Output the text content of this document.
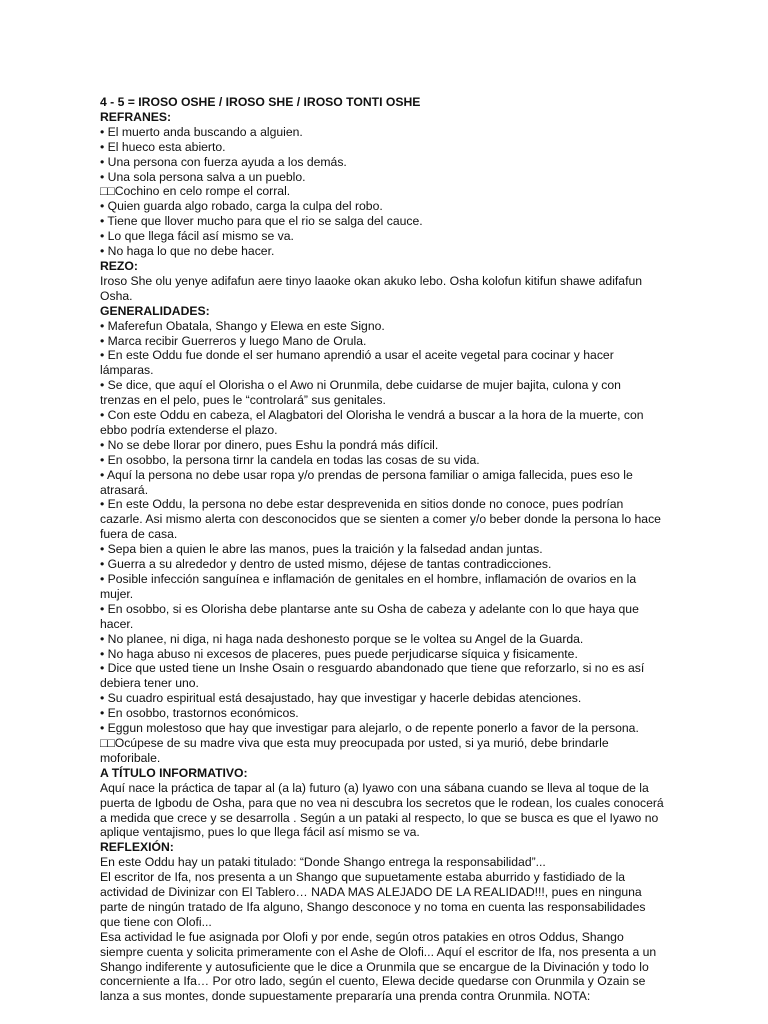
4 - 5 = IROSO OSHE / IROSO SHE / IROSO TONTI OSHE
REFRANES:
• El muerto anda buscando a alguien.
• El hueco esta abierto.
• Una persona con fuerza ayuda a los demás.
• Una sola persona salva a un pueblo.
□□Cochino en celo rompe el corral.
• Quien guarda algo robado, carga la culpa del robo.
• Tiene que llover mucho para que el rio se salga del cauce.
• Lo que llega fácil así mismo se va.
• No haga lo que no debe hacer.
REZO:
Iroso She olu yenye adifafun aere tinyo laaoke okan akuko lebo. Osha kolofun kitifun shawe adifafun Osha.
GENERALIDADES:
• Maferefun Obatala, Shango y Elewa en este Signo.
• Marca recibir Guerreros y luego Mano de Orula.
• En este Oddu fue donde el ser humano aprendió a usar el aceite vegetal para cocinar y hacer lámparas.
• Se dice, que aquí el Olorisha o el Awo ni Orunmila, debe cuidarse de mujer bajita, culona y con trenzas en el pelo, pues le “controlará” sus genitales.
• Con este Oddu en cabeza, el Alagbatori del Olorisha le vendrá a buscar a la hora de la muerte, con ebbo podría extenderse el plazo.
• No se debe llorar por dinero, pues Eshu la pondrá más difícil.
• En osobbo, la persona tirnr la candela en todas las cosas de su vida.
• Aquí la persona no debe usar ropa y/o prendas de persona familiar o amiga fallecida, pues eso le atrasará.
• En este Oddu, la persona no debe estar desprevenida en sitios donde no conoce, pues podrían cazarle. Asi mismo alerta con desconocidos que se sienten a comer y/o beber donde la persona lo hace fuera de casa.
• Sepa bien a quien le abre las manos, pues la traición y la falsedad andan juntas.
• Guerra a su alrededor y dentro de usted mismo, déjese de tantas contradicciones.
• Posible infección sanguínea e inflamación de genitales en el hombre, inflamación de ovarios en la mujer.
• En osobbo, si es Olorisha debe plantarse ante su Osha de cabeza y adelante con lo que haya que hacer.
• No planee, ni diga, ni haga nada deshonesto porque se le voltea su Angel de la Guarda.
• No haga abuso ni excesos de placeres, pues puede perjudicarse síquica y fisicamente.
• Dice que usted tiene un Inshe Osain o resguardo abandonado que tiene que reforzarlo, si no es así debiera tener uno.
• Su cuadro espiritual está desajustado, hay que investigar y hacerle debidas atenciones.
• En osobbo, trastornos económicos.
• Eggun molestoso que hay que investigar para alejarlo, o de repente ponerlo a favor de la persona.
□□Ocúpese de su madre viva que esta muy preocupada por usted, si ya murió, debe brindarle moforibale.
A TÍTULO INFORMATIVO:
Aquí nace la práctica de tapar al (a la) futuro (a) Iyawo con una sábana cuando se lleva al toque de la puerta de Igbodu de Osha, para que no vea ni descubra los secretos que le rodean, los cuales conocerá a medida que crece y se desarrolla . Según a un pataki al respecto, lo que se busca es que el Iyawo no aplique ventajismo, pues lo que llega fácil así mismo se va.
REFLEXIÓN:
En este Oddu hay un pataki titulado: “Donde Shango entrega la responsabilidad”...
El escritor de Ifa, nos presenta a un Shango que supuetamente estaba aburrido y fastidiado de la actividad de Divinizar con El Tablero… NADA MAS ALEJADO DE LA REALIDAD!!!, pues en ninguna parte de ningún tratado de Ifa alguno, Shango desconoce y no toma en cuenta las responsabilidades que tiene con Olofi...
Esa actividad le fue asignada por Olofi y por ende, según otros patakies en otros Oddus, Shango siempre cuenta y solicita primeramente con el Ashe de Olofi... Aquí el escritor de Ifa, nos presenta a un Shango indiferente y autosuficiente que le dice a Orunmila que se encargue de la Divinación y todo lo concerniente a Ifa… Por otro lado, según el cuento, Elewa decide quedarse con Orunmila y Ozain se lanza a sus montes, donde supuestamente prepararía una prenda contra Orunmila. NOTA:
